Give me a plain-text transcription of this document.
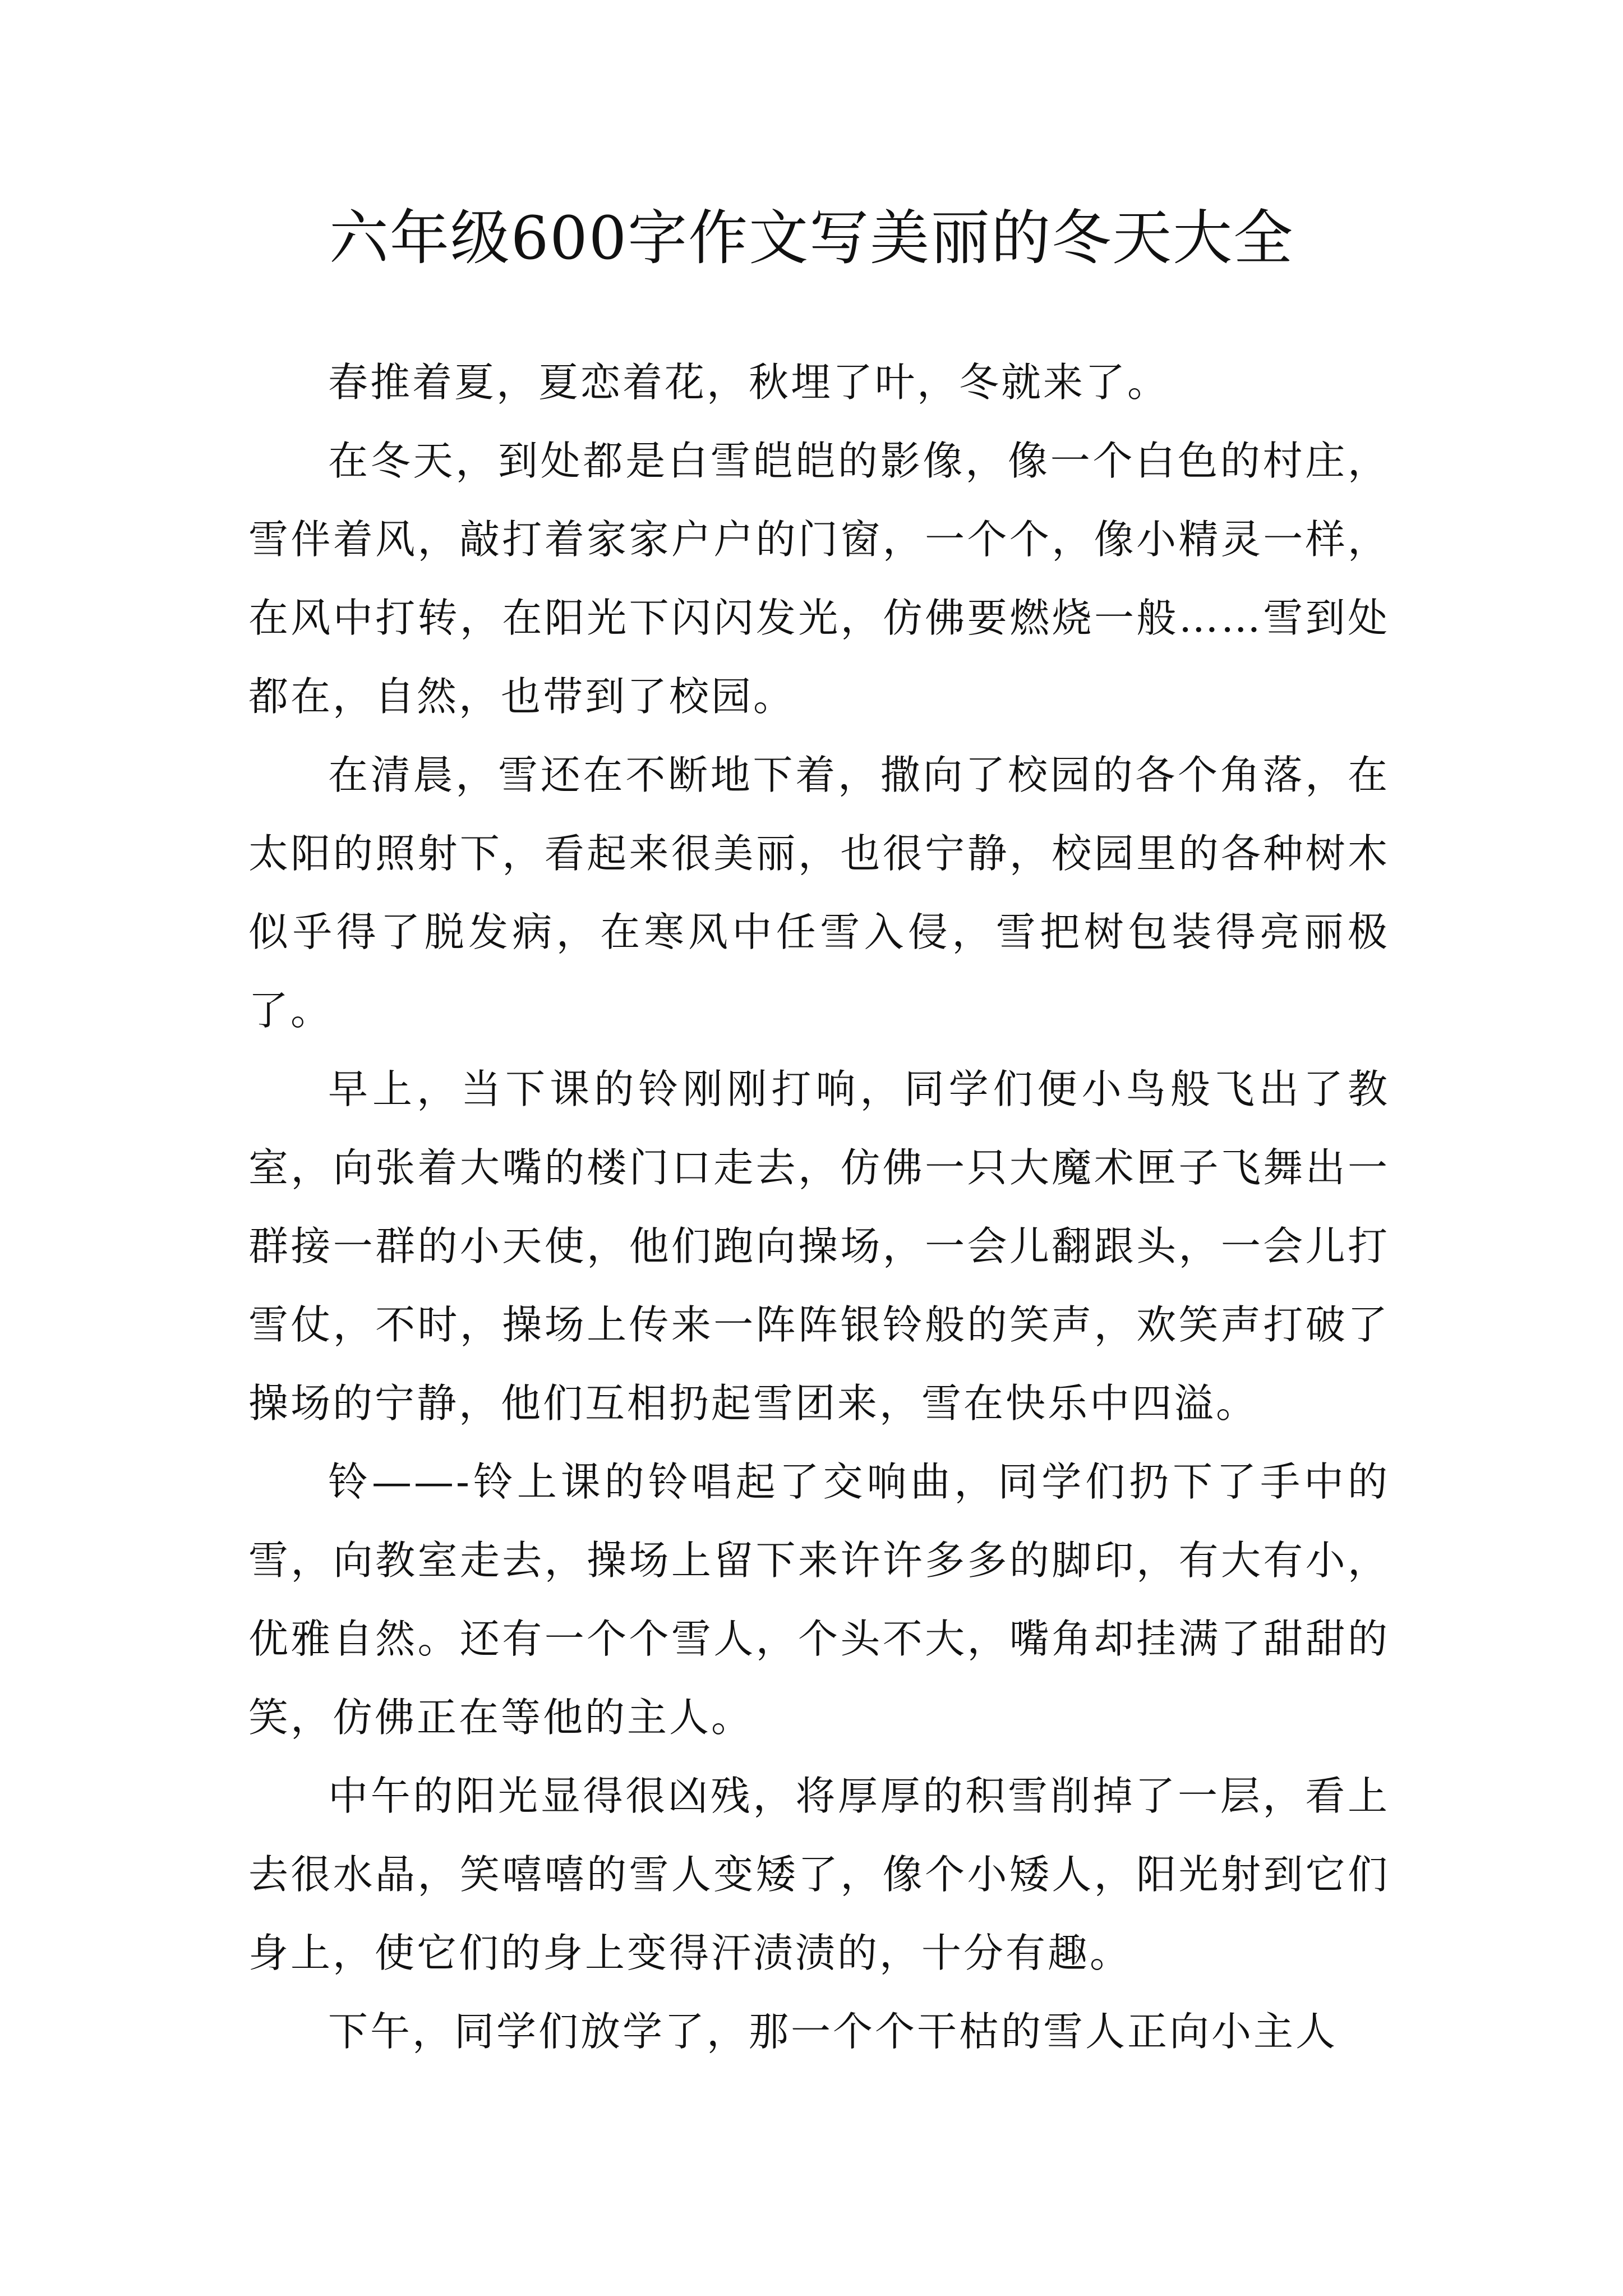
六年级600字作文写美丽的冬天大全

春推着夏，夏恋着花，秋埋了叶，冬就来了。

在冬天，到处都是白雪皑皑的影像，像一个白色的村庄，雪伴着风，敲打着家家户户的门窗，一个个，像小精灵一样，在风中打转，在阳光下闪闪发光，仿佛要燃烧一般……雪到处都在，自然，也带到了校园。

在清晨，雪还在不断地下着，撒向了校园的各个角落，在太阳的照射下，看起来很美丽，也很宁静，校园里的各种树木似乎得了脱发病，在寒风中任雪入侵，雪把树包装得亮丽极了。

早上，当下课的铃刚刚打响，同学们便小鸟般飞出了教室，向张着大嘴的楼门口走去，仿佛一只大魔术匣子飞舞出一群接一群的小天使，他们跑向操场，一会儿翻跟头，一会儿打雪仗，不时，操场上传来一阵阵银铃般的笑声，欢笑声打破了操场的宁静，他们互相扔起雪团来，雪在快乐中四溢。

铃——-铃上课的铃唱起了交响曲，同学们扔下了手中的雪，向教室走去，操场上留下来许许多多的脚印，有大有小，优雅自然。还有一个个雪人，个头不大，嘴角却挂满了甜甜的笑，仿佛正在等他的主人。

中午的阳光显得很凶残，将厚厚的积雪削掉了一层，看上去很水晶，笑嘻嘻的雪人变矮了，像个小矮人，阳光射到它们身上，使它们的身上变得汗渍渍的，十分有趣。

下午，同学们放学了，那一个个干枯的雪人正向小主人
